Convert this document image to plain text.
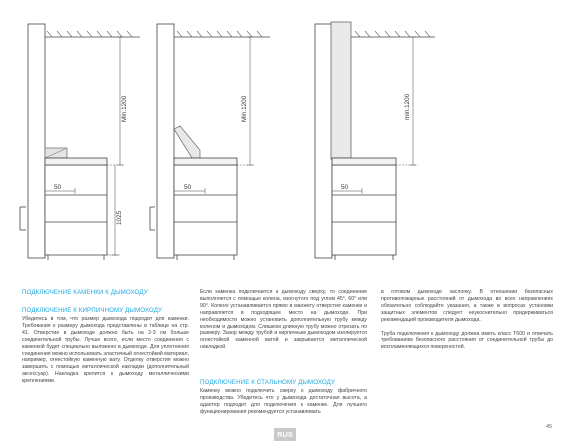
50
Min.1200
1025
50
Min.1200
50
min.1200
ПОДКЛЮЧЕНИЕ КАМЕНКИ К ДЫМОХОДУ
ПОДКЛЮЧЕНИЕ К КИРПИЧНОМУ ДЫМОХОДУ

Убедитесь в том, что размер дымохода подходит для каменки. Требования к размеру дымохода представлены в таблице на стр. 41. Отверстие в дымоходе должно быть на 2-3 см больше соединительной трубы. Лучше всего, если место соединения с каменкой будет специально выложено в дымоходе. Для уплотнения соединения можно использовать эластичный огнестойкий материал, например, огнестойкую каменную вату. Отделку отверстия можно завершить с помощью металлической накладки (дополнительный аксессуар). Накладка крепится к дымоходу металлическими креплениями.

Если каменка подключается к дымоходу сверху, то соединение выполняется с помощью колена, изогнутого под углом 45°, 60° или 90°. Колено устанавливается прямо в манжету отверстия каменки и направляется в подходящее место на дымоходе. При необходимости можно установить дополнительную трубу между коленом и дымоходом. Слишком длинную трубу можно отрезать по размеру. Зазор между трубой и кирпичным дымоходом изолируется огнестойкой каменной ватой и закрывается металлической накладкой.

ПОДКЛЮЧЕНИЕ К СТАЛЬНОМУ ДЫМОХОДУ

Каменку можно подключить сверху к дымоходу фабричного производства. Убедитесь что у дымохода достаточная высота, а адаптер подходит для подключения к каменке. Для лучшего функционирования рекомендуется устанавливать

в готовом дымоходе заслонку. В отношении безопасных противопожарных расстояний от дымохода во всех направлениях обязательно соблюдайте указания, а также в вопросах установки защитных элементов следует неукоснительно придерживаться рекомендаций производителя дымохода.

Труба подключения к дымоходу должна иметь класс Т600 и отвечать требованиям безопасного расстояния от соединительной трубы до воспламеняющихся поверхностей.

RUS
45
